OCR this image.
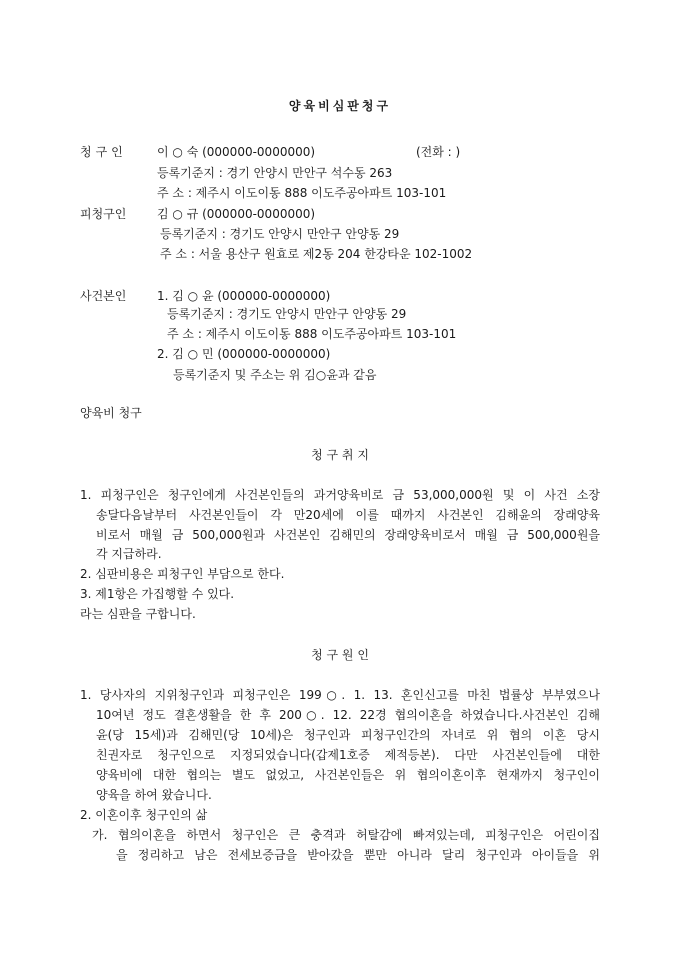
양육비심판청구
청구인	이 ○ 숙 (000000-0000000)	(전화 : )
등록기준지 : 경기 안양시 만안구 석수동 263
주 소 : 제주시 이도이동 888 이도주공아파트 103-101
피청구인	김 ○ 규 (000000-0000000)
등록기준지 : 경기도 안양시 만안구 안양동 29
주 소 : 서울 용산구 원효로 제2동 204 한강타운 102-1002
사건본인	1. 김 ○ 윤 (000000-0000000)
등록기준지 : 경기도 안양시 만안구 안양동 29
주 소 : 제주시 이도이동 888 이도주공아파트 103-101
2. 김 ○ 민 (000000-0000000)
등록기준지 및 주소는 위 김○윤과 같음
양육비 청구
청 구 취 지
1. 피청구인은 청구인에게 사건본인들의 과거양육비로 금 53,000,000원 및 이 사건 소장
송달다음날부터 사건본인들이 각 만20세에 이를 때까지 사건본인 김해윤의 장래양육
비로서 매월 금 500,000원과 사건본인 김해민의 장래양육비로서 매월 금 500,000원을
각 지급하라.
2. 심판비용은 피청구인 부담으로 한다.
3. 제1항은 가집행할 수 있다.
라는 심판을 구합니다.
청 구 원 인
1. 당사자의 지위청구인과 피청구인은 199○. 1. 13. 혼인신고를 마친 법률상 부부였으나
10여년 정도 결혼생활을 한 후 200○. 12. 22경 협의이혼을 하였습니다.사건본인 김해
윤(당 15세)과 김해민(당 10세)은 청구인과 피청구인간의 자녀로 위 협의 이혼 당시
친권자로 청구인으로 지정되었습니다(갑제1호증 제적등본). 다만 사건본인들에 대한
양육비에 대한 협의는 별도 없었고, 사건본인들은 위 협의이혼이후 현재까지 청구인이
양육을 하여 왔습니다.
2. 이혼이후 청구인의 삶
가. 협의이혼을 하면서 청구인은 큰 충격과 허탈감에 빠져있는데, 피청구인은 어린이집
을 정리하고 남은 전세보증금을 받아갔을 뿐만 아니라 달리 청구인과 아이들을 위
